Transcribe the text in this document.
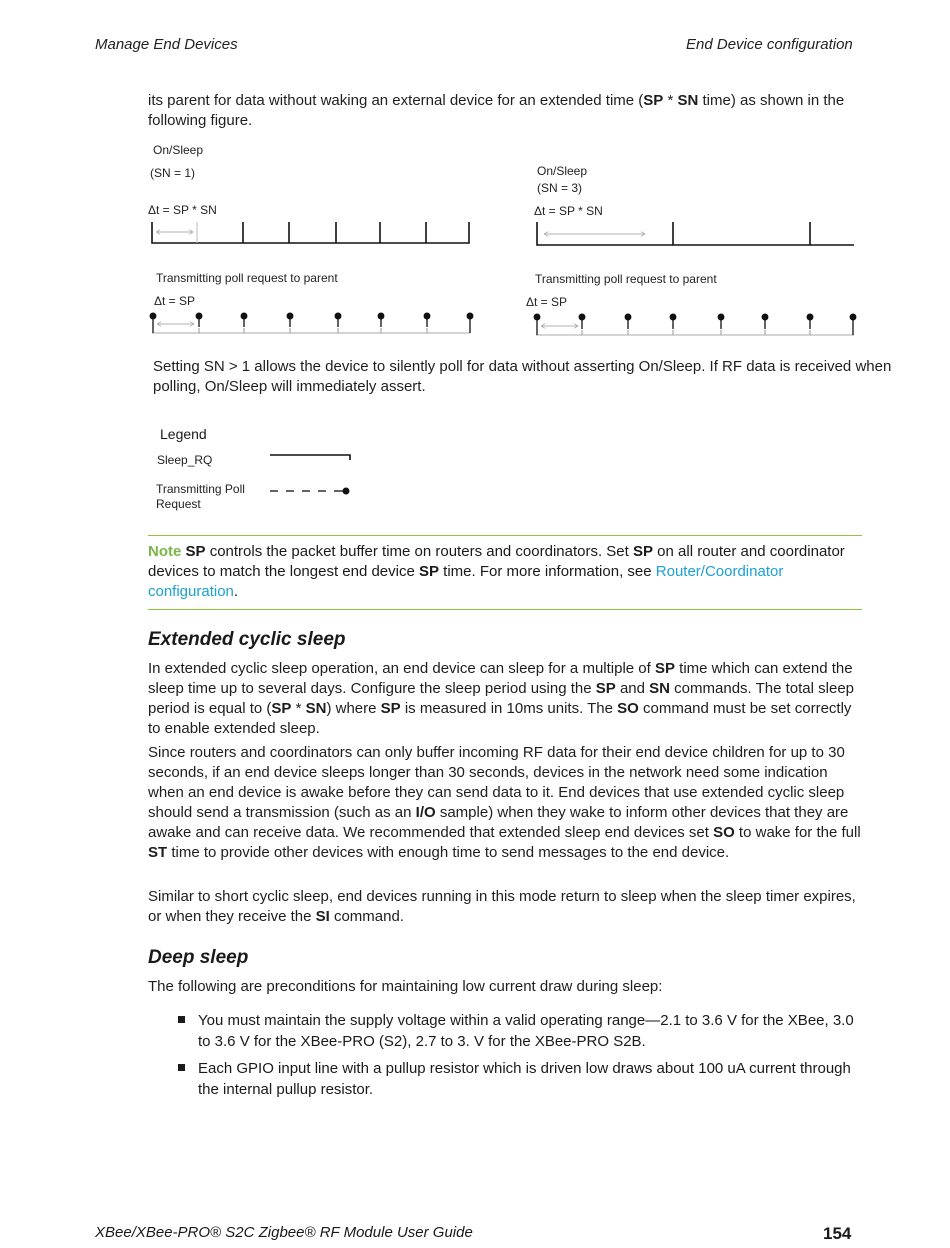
Manage End Devices	End Device configuration

its parent for data without waking an external device for an extended time (SP * SN time) as shown in the following figure.

On/Sleep
(SN = 1)
Δt = SP * SN
Transmitting poll request to parent
Δt = SP
On/Sleep
(SN = 3)
Δt = SP * SN
Transmitting poll request to parent
Δt = SP
Setting SN > 1 allows the device to silently poll for data without asserting On/Sleep. If RF data is received when polling, On/Sleep will immediately assert.
Legend
Sleep_RQ
Transmitting Poll
Request
Note SP controls the packet buffer time on routers and coordinators. Set SP on all router and coordinator devices to match the longest end device SP time. For more information, see Router/Coordinator configuration.
Extended cyclic sleep

In extended cyclic sleep operation, an end device can sleep for a multiple of SP time which can extend the sleep time up to several days. Configure the sleep period using the SP and SN commands. The total sleep period is equal to (SP * SN) where SP is measured in 10ms units. The SO command must be set correctly to enable extended sleep.

Since routers and coordinators can only buffer incoming RF data for their end device children for up to 30 seconds, if an end device sleeps longer than 30 seconds, devices in the network need some indication when an end device is awake before they can send data to it. End devices that use extended cyclic sleep should send a transmission (such as an I/O sample) when they wake to inform other devices that they are awake and can receive data. We recommended that extended sleep end devices set SO to wake for the full ST time to provide other devices with enough time to send messages to the end device.

Similar to short cyclic sleep, end devices running in this mode return to sleep when the sleep timer expires, or when they receive the SI command.

Deep sleep

The following are preconditions for maintaining low current draw during sleep:

You must maintain the supply voltage within a valid operating range—2.1 to 3.6 V for the XBee, 3.0 to 3.6 V for the XBee-PRO (S2), 2.7 to 3. V for the XBee-PRO S2B.
Each GPIO input line with a pullup resistor which is driven low draws about 100 uA current through the internal pullup resistor.
XBee/XBee-PRO® S2C Zigbee® RF Module User Guide	154
